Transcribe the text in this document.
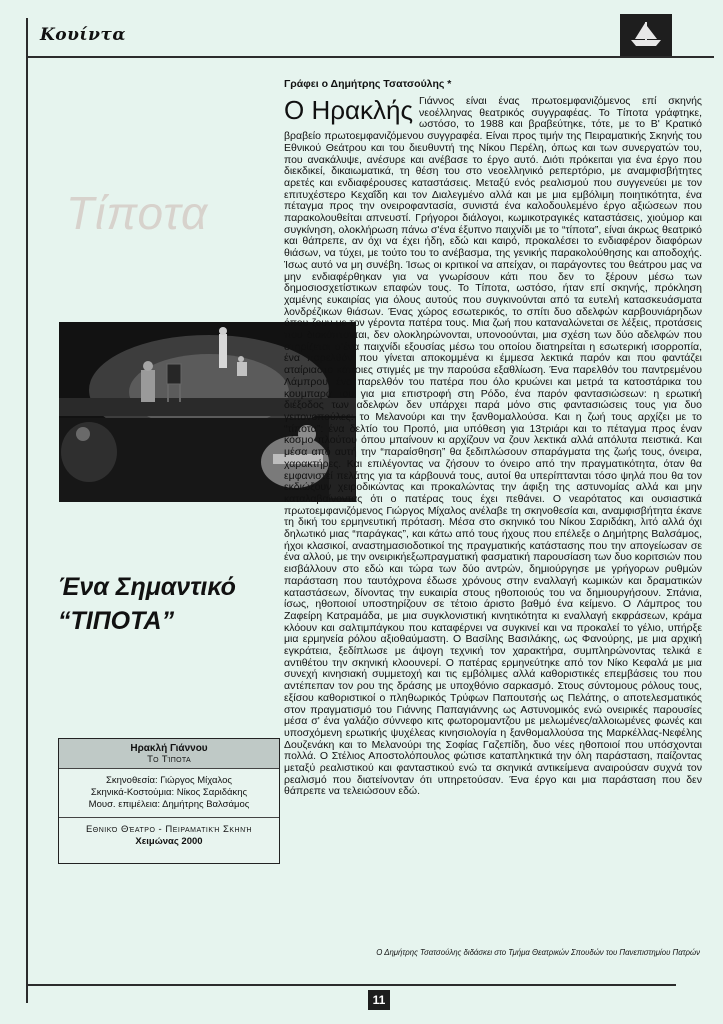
Κουίντα
Τίποτα
Ένα Σημαντικό
“ΤΙΠΟΤΑ”
Ηρακλή Γιάννου
Το Τίποτα
Σκηνοθεσία: Γιώργος Μίχαλος
Σκηνικά-Κοστούμια: Νίκος Σαριδάκης
Μουσ. επιμέλεια: Δημήτρης Βαλσάμος
Εθνικό Θέατρο - Πειραματική Σκηνή
Χειμώνας 2000
Γράφει ο Δημήτρης Τσατσούλης *
Ο Ηρακλής Γιάννος είναι ένας πρωτοεμφανιζόμενος επί σκηνής νεοέλληνας θεατρικός συγγραφέας. Το Τίποτα γράφτηκε, ωστόσο, το 1988 και βραβεύτηκε, τότε, με το Β' Κρατικό βραβείο πρωτοεμφανιζόμενου συγγραφέα. Είναι προς τιμήν της Πειραματικής Σκηνής του Εθνικού Θεάτρου και του διευθυντή της Νίκου Περέλη, όπως και των συνεργατών του, που ανακάλυψε, ανέσυρε και ανέβασε το έργο αυτό. Διότι πρόκειται για ένα έργο που διεκδικεί, δικαιωματικά, τη θέση του στο νεοελληνικό ρεπερτόριο, με αναμφισβήτητες αρετές και ενδιαφέρουσες καταστάσεις. Μεταξύ ενός ρεαλισμού που συγγενεύει με τον επιτυχέστερο Κεχαΐδη και τον Διαλεγμένο αλλά και με μια εμβόλιμη ποιητικότητα, ένα πέταγμα προς την ονειροφαντασία, συνιστά ένα καλοδουλεμένο έργο αξιώσεων που παρακολουθείται απνευστί. Γρήγοροι διάλογοι, κωμικοτραγικές καταστάσεις, χιούμορ και συγκίνηση, ολοκλήρωση πάνω σ'ένα έξυπνο παιχνίδι με το “τίποτα”, είναι άκρως θεατρικό και θάπρεπε, αν όχι να έχει ήδη, εδώ και καιρό, προκαλέσει το ενδιαφέρον διαφόρων θιάσων, να τύχει, με τούτο του το ανέβασμα, της γενικής παρακολούθησης και αποδοχής. Ίσως αυτό να μη συνέβη. Ίσως οι κριτικοί να απείχαν, οι παράγοντες του θεάτρου μας να μην ενδιαφέρθηκαν για να γνωρίσουν κάτι που δεν το ξέρουν μέσω των δημοσιοσχετίστικων επαφών τους. Το Τίποτα, ωστόσο, ήταν επί σκηνής, πρόκληση χαμένης ευκαιρίας για όλους αυτούς που συγκινούνται από τα ευτελή κατασκευάσματα λονδρέζικων θιάσων. Ένας χώρος εσωτερικός, το σπίτι δυο αδελφών καρβουνιάρηδων όπου ζουν με τον γέροντα πατέρα τους. Μια ζωή που καταναλώνεται σε λέξεις, προτάσεις που διακόπτονται, δεν ολοκληρώνονται, υπονοούνται, μια σχέση των δύο αδελφών που στηρίζεται σ'ένα παιχνίδι εξουσίας μέσω του οποίου διατηρείται η εσωτερική ισορροπία, ένα παρελθόν που γίνεται αποκομμένα κι έμμεσα λεκτικά παρόν και που φαντάζει αταίριαστο κάποιες στιγμές με την παρούσα εξαθλίωση. Ένα παρελθόν του παντρεμένου Λάμπρου, ένα παρελθόν του πατέρα που όλο κρυώνει και μετρά τα κατοστάρικα του κουμπαρά του για μια επιστροφή στη Ρόδο, ένα παρόν φαντασιώσεων: η ερωτική διέξοδος των αδελφών δεν υπάρχει παρά μόνο στις φαντασιώσεις τους για δυο γειτονοπούλες: το Μελανούρι και την ξανθομαλλούσα. Και η ζωή τους αρχίζει με το “τίποτα”: ένα δελτίο του Προπό, μια υπόθεση για 13τριάρι και το πέταγμα προς έναν κόσμο πλούτου όπου μπαίνουν κι αρχίζουν να ζουν λεκτικά αλλά απόλυτα πειστικά. Και μέσα από αυτή την “παραίσθηση” θα ξεδιπλώσουν σπαράγματα της ζωής τους, όνειρα, χαρακτήρες. Και επιλέγοντας να ζήσουν το όνειρο από την πραγματικότητα, όταν θα εμφανιστεί πελάτης για τα κάρβουνά τους, αυτοί θα υπερίπτανται τόσο ψηλά που θα τον εκδιώξουν χειροδικώντας και προκαλώντας την άφιξη της αστυνομίας αλλά και μην καταλαβαίνοντας ότι ο πατέρας τους έχει πεθάνει. Ο νεαρότατος και ουσιαστικά πρωτοεμφανιζόμενος Γιώργος Μίχαλος ανέλαβε τη σκηνοθεσία και, αναμφισβήτητα έκανε τη δική του ερμηνευτική πρόταση. Μέσα στο σκηνικό του Νίκου Σαριδάκη, λιτό αλλά όχι δηλωτικό μιας “παράγκας”, και κάτω από τους ήχους που επέλεξε ο Δημήτρης Βαλσάμος, ήχοι κλασικοί, αναστημασιοδοτικοί της πραγματικής κατάστασης που την απογείωσαν σε ένα αλλού, με την ονειρικήεξωπραγματική φασματική παρουσίαση των δυο κοριτσιών που εισβάλλουν στο εδώ και τώρα των δύο αντρών, δημιούργησε με γρήγορων ρυθμών παράσταση που ταυτόχρονα έδωσε χρόνους στην εναλλαγή κωμικών και δραματικών καταστάσεων, δίνοντας την ευκαιρία στους ηθοποιούς του να δημιουργήσουν. Σπάνια, ίσως, ηθοποιοί υποστηρίζουν σε τέτοιο άριστο βαθμό ένα κείμενο. Ο Λάμπρος του Ζαφείρη Κατραμάδα, με μια συγκλονιστική κινητικότητα κι εναλλαγή εκφράσεων, κράμα κλόουν και σαλτιμπάγκου που καταφέρνει να συγκινεί και να προκαλεί το γέλιο, υπήρξε μια ερμηνεία ρόλου αξιοθαύμαστη. Ο Βασίλης Βασιλάκης, ως Φανούρης, με μια αρχική εγκράτεια, ξεδίπλωσε με άψογη τεχνική τον χαρακτήρα, συμπληρώνοντας τελικά ε αντιθέτου την σκηνική κλοουνερί. Ο πατέρας ερμηνεύτηκε από τον Νίκο Κεφαλά με μια συνεχή κινησιακή συμμετοχή και τις εμβόλιμες αλλά καθοριστικές επεμβάσεις του που αντέπεπαν τον ρου της δράσης με υποχθόνιο σαρκασμό. Στους σύντομους ρόλους τους, εξίσου καθοριστικοί ο πληθωρικός Τρύφων Παπουτσής ως Πελάτης, ο αποτελεσματικός στον πραγματισμό του Γιάννης Παπαγιάννης ως Αστυνομικός ενώ ονειρικές παρουσίες μέσα σ' ένα γαλάζιο σύννεφο κιτς φωτορομαντζου με μελωμένες/αλλοιωμένες φωνές και υποσχόμενη ερωτικής ψυχέλεας κινησιολογία η ξανθομαλλούσα της Μαρκέλλας-Νεφέλης Δουζενάκη και το Μελανούρι της Σοφίας Γαζεπίδη, δυο νέες ηθοποιοί που υπόσχονται πολλά. Ο Στέλιος Αποστολόπουλος φώτισε καταπληκτικά την όλη παράσταση, παίζοντας μεταξύ ρεαλιστικού και φανταστικού ενώ τα σκηνικά αντικείμενα αναιρούσαν συχνά τον ρεαλισμό που διατείνονταν ότι υπηρετούσαν. Ένα έργο και μια παράσταση που δεν θάπρεπε να τελειώσουν εδώ.
Ο Δημήτρης Τσατσούλης διδάσκει στο Τμήμα Θεατρικών Σπουδών του Πανεπιστημίου Πατρών
11
